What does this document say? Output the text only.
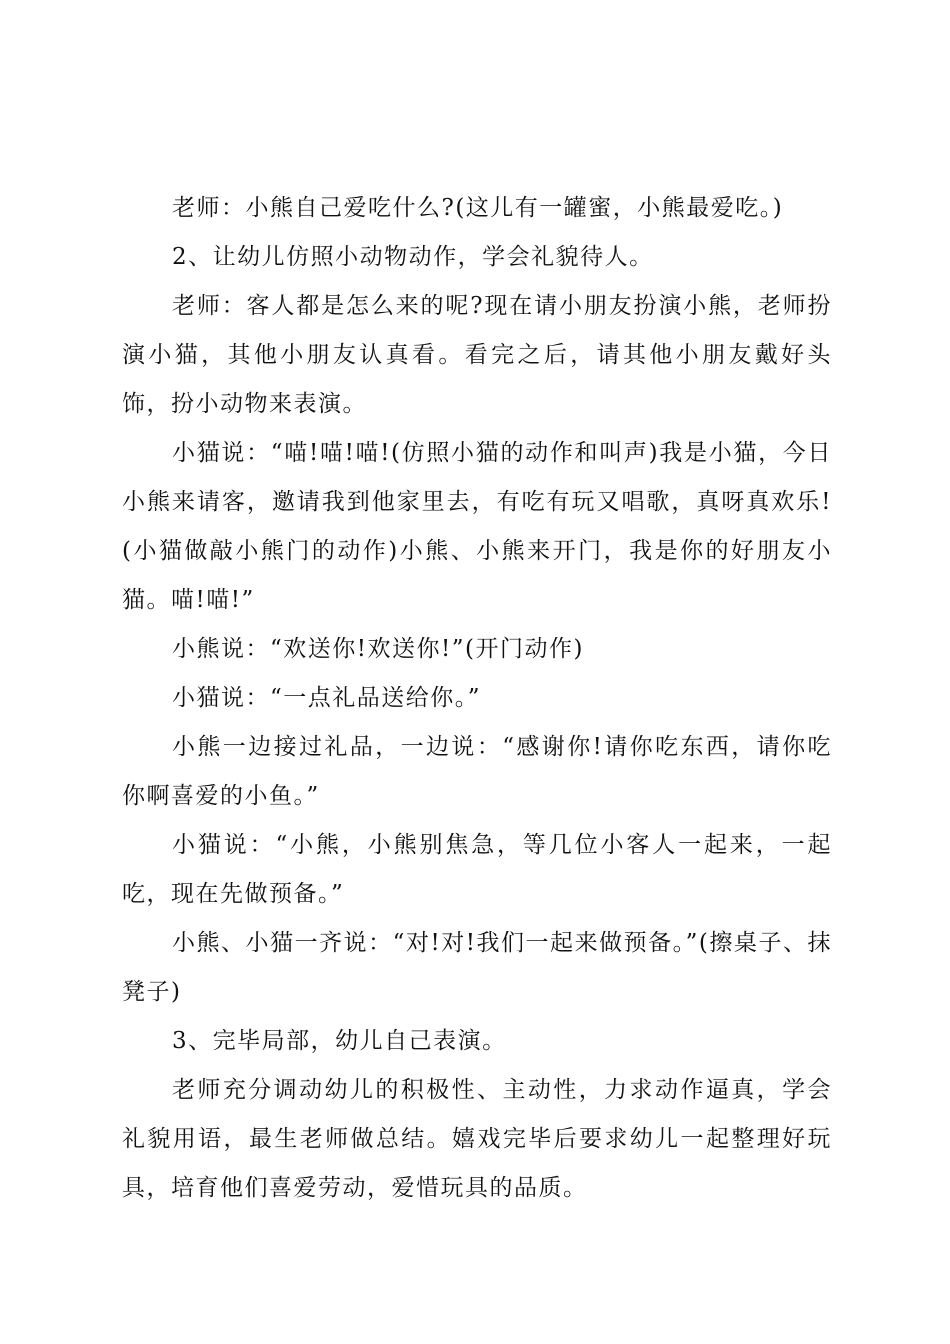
老师：小熊自己爱吃什么?(这儿有一罐蜜，小熊最爱吃。)

2、让幼儿仿照小动物动作，学会礼貌待人。

老师：客人都是怎么来的呢?现在请小朋友扮演小熊，老师扮演小猫，其他小朋友认真看。看完之后，请其他小朋友戴好头饰，扮小动物来表演。

小猫说：“喵!喵!喵!(仿照小猫的动作和叫声)我是小猫，今日小熊来请客，邀请我到他家里去，有吃有玩又唱歌，真呀真欢乐!(小猫做敲小熊门的动作)小熊、小熊来开门，我是你的好朋友小猫。喵!喵!”

小熊说：“欢送你!欢送你!”(开门动作)

小猫说：“一点礼品送给你。”

小熊一边接过礼品，一边说：“感谢你!请你吃东西，请你吃你啊喜爱的小鱼。”

小猫说：“小熊，小熊别焦急，等几位小客人一起来，一起吃，现在先做预备。”

小熊、小猫一齐说：“对!对!我们一起来做预备。”(擦桌子、抹凳子)

3、完毕局部，幼儿自己表演。

老师充分调动幼儿的积极性、主动性，力求动作逼真，学会礼貌用语，最生老师做总结。嬉戏完毕后要求幼儿一起整理好玩具，培育他们喜爱劳动，爱惜玩具的品质。
